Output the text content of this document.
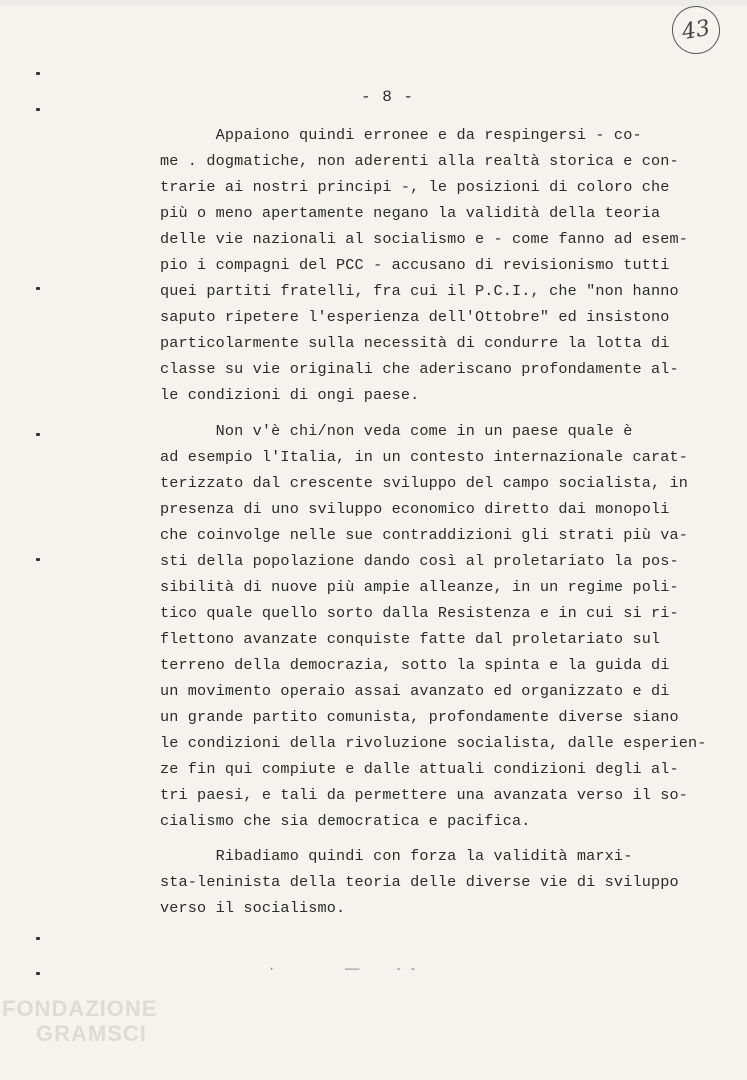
43
- 8 -
Appaiono quindi erronee e da respingersi - co-
me . dogmatiche, non aderenti alla realtà storica e con-
trarie ai nostri principi -, le posizioni di coloro che
più o meno apertamente negano la validità della teoria
delle vie nazionali al socialismo e - come fanno ad esem-
pio i compagni del PCC - accusano di revisionismo tutti
quei partiti fratelli, fra cui il P.C.I., che "non hanno
saputo ripetere l'esperienza dell'Ottobre" ed insistono
particolarmente sulla necessità di condurre la lotta di
classe su vie originali che aderiscano profondamente al-
le condizioni di ongi paese.
Non v'è chi/non veda come in un paese quale è
ad esempio l'Italia, in un contesto internazionale carat-
terizzato dal crescente sviluppo del campo socialista, in
presenza di uno sviluppo economico diretto dai monopoli
che coinvolge nelle sue contraddizioni gli strati più va-
sti della popolazione dando così al proletariato la pos-
sibilità di nuove più ampie alleanze, in un regime poli-
tico quale quello sorto dalla Resistenza e in cui si ri-
flettono avanzate conquiste fatte dal proletariato sul
terreno della democrazia, sotto la spinta e la guida di
un movimento operaio assai avanzato ed organizzato e di
un grande partito comunista, profondamente diverse siano
le condizioni della rivoluzione socialista, dalle esperien-
ze fin qui compiute e dalle attuali condizioni degli al-
tri paesi, e tali da permettere una avanzata verso il so-
cialismo che sia democratica e pacifica.
Ribadiamo quindi con forza la validità marxi-
sta-leninista della teoria delle diverse vie di sviluppo
verso il socialismo.
·	——	- -
FONDAZIONE
GRAMSCI
